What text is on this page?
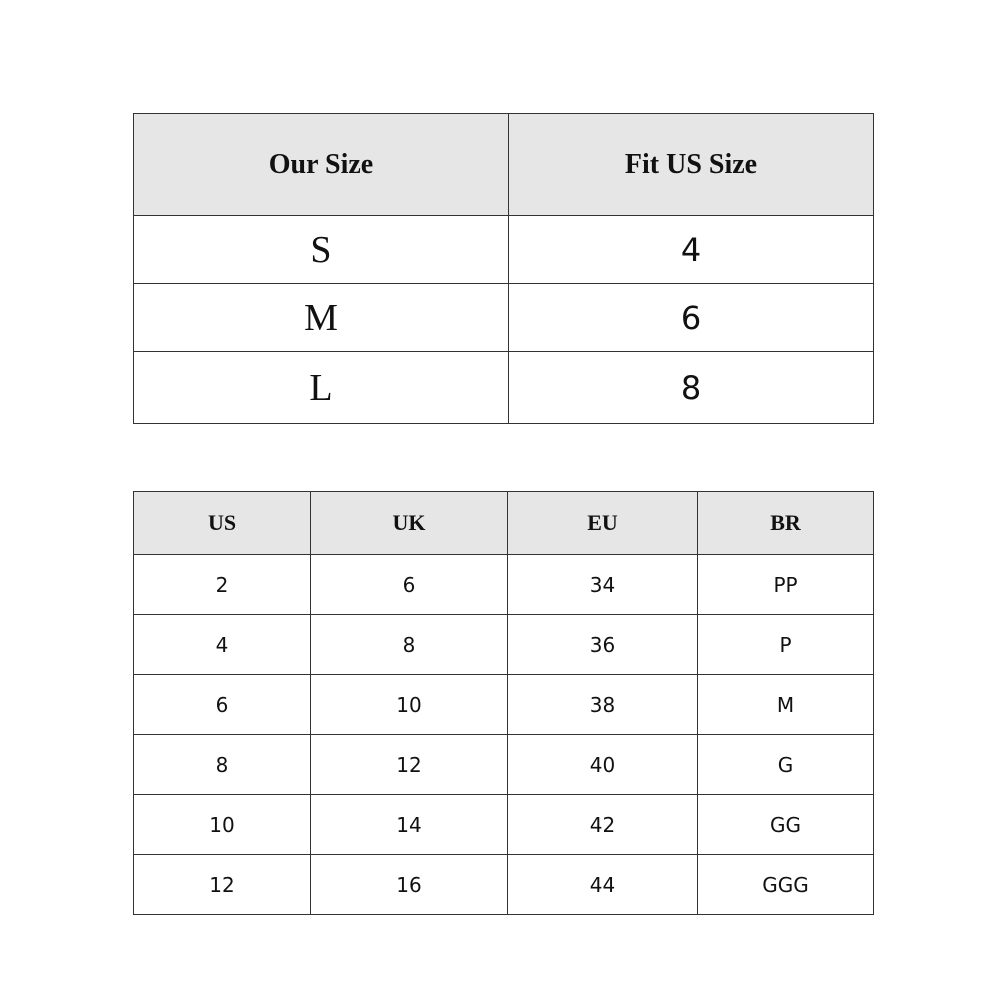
Our Size	Fit US Size
S	4
M	6
L	8
US	UK	EU	BR
2	6	34	PP
4	8	36	P
6	10	38	M
8	12	40	G
10	14	42	GG
12	16	44	GGG
